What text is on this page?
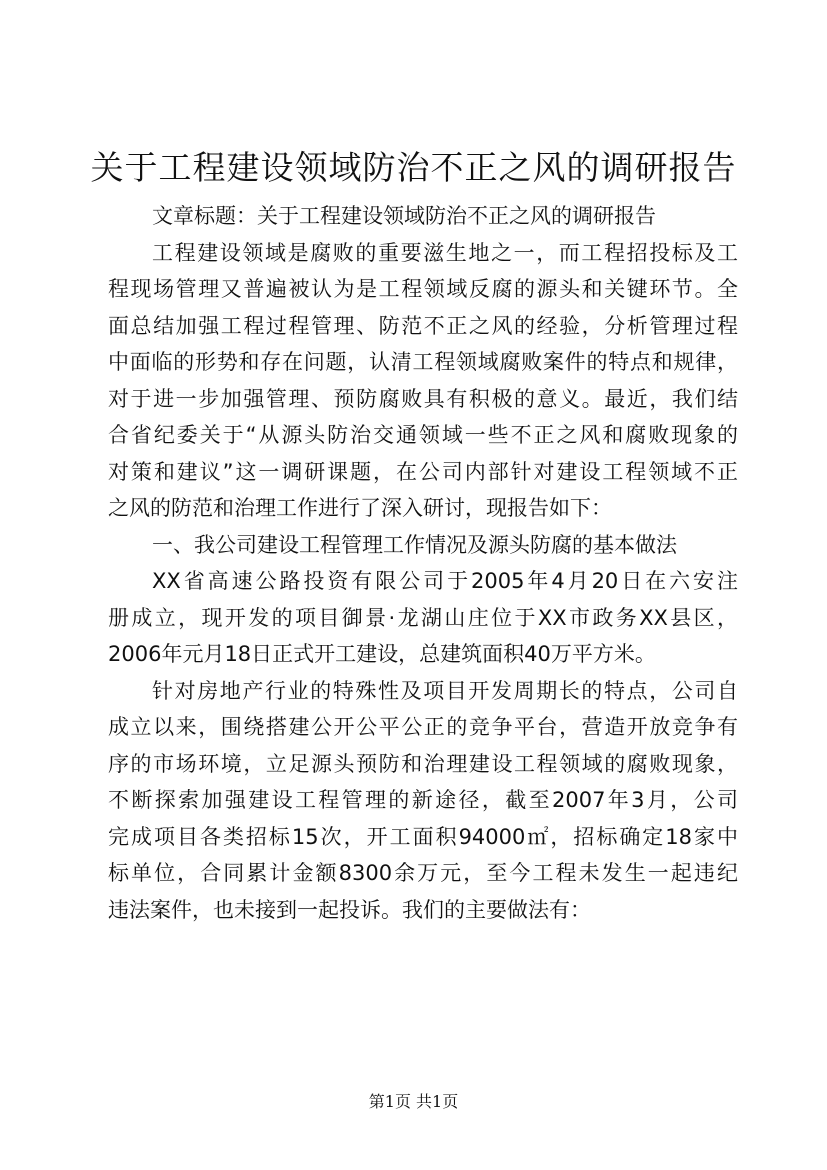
关于工程建设领域防治不正之风的调研报告
文章标题：关于工程建设领域防治不正之风的调研报告
工程建设领域是腐败的重要滋生地之一，而工程招投标及工
程现场管理又普遍被认为是工程领域反腐的源头和关键环节。全
面总结加强工程过程管理、防范不正之风的经验，分析管理过程
中面临的形势和存在问题，认清工程领域腐败案件的特点和规律，
对于进一步加强管理、预防腐败具有积极的意义。最近，我们结
合省纪委关于“从源头防治交通领域一些不正之风和腐败现象的
对策和建议”这一调研课题，在公司内部针对建设工程领域不正
之风的防范和治理工作进行了深入研讨，现报告如下：
一、我公司建设工程管理工作情况及源头防腐的基本做法
XX省高速公路投资有限公司于2005年4月20日在六安注
册成立，现开发的项目御景·龙湖山庄位于XX市政务XX县区，
2006年元月18日正式开工建设，总建筑面积40万平方米。
针对房地产行业的特殊性及项目开发周期长的特点，公司自
成立以来，围绕搭建公开公平公正的竞争平台，营造开放竞争有
序的市场环境，立足源头预防和治理建设工程领域的腐败现象，
不断探索加强建设工程管理的新途径，截至2007年3月，公司
完成项目各类招标15次，开工面积94000㎡，招标确定18家中
标单位，合同累计金额8300余万元，至今工程未发生一起违纪
违法案件，也未接到一起投诉。我们的主要做法有：
第1页 共1页
